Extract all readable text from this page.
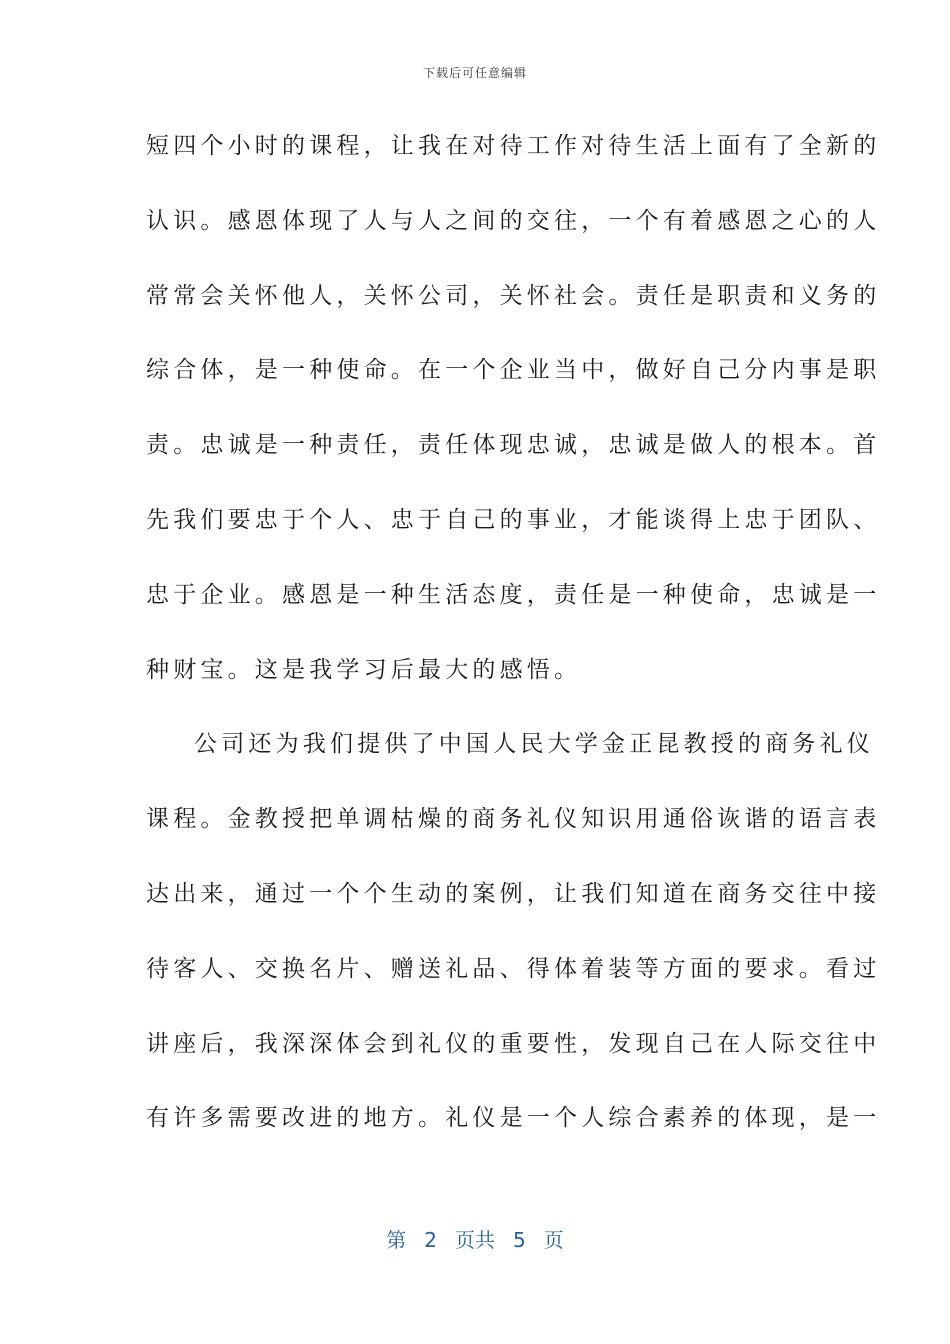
下载后可任意编辑
短四个小时的课程，让我在对待工作对待生活上面有了全新的
认识。感恩体现了人与人之间的交往，一个有着感恩之心的人
常常会关怀他人，关怀公司，关怀社会。责任是职责和义务的
综合体，是一种使命。在一个企业当中，做好自己分内事是职
责。忠诚是一种责任，责任体现忠诚，忠诚是做人的根本。首
先我们要忠于个人、忠于自己的事业，才能谈得上忠于团队、
忠于企业。感恩是一种生活态度，责任是一种使命，忠诚是一
种财宝。这是我学习后最大的感悟。
公司还为我们提供了中国人民大学金正昆教授的商务礼仪
课程。金教授把单调枯燥的商务礼仪知识用通俗诙谐的语言表
达出来，通过一个个生动的案例，让我们知道在商务交往中接
待客人、交换名片、赠送礼品、得体着装等方面的要求。看过
讲座后，我深深体会到礼仪的重要性，发现自己在人际交往中
有许多需要改进的地方。礼仪是一个人综合素养的体现，是一
第 2 页共 5 页
